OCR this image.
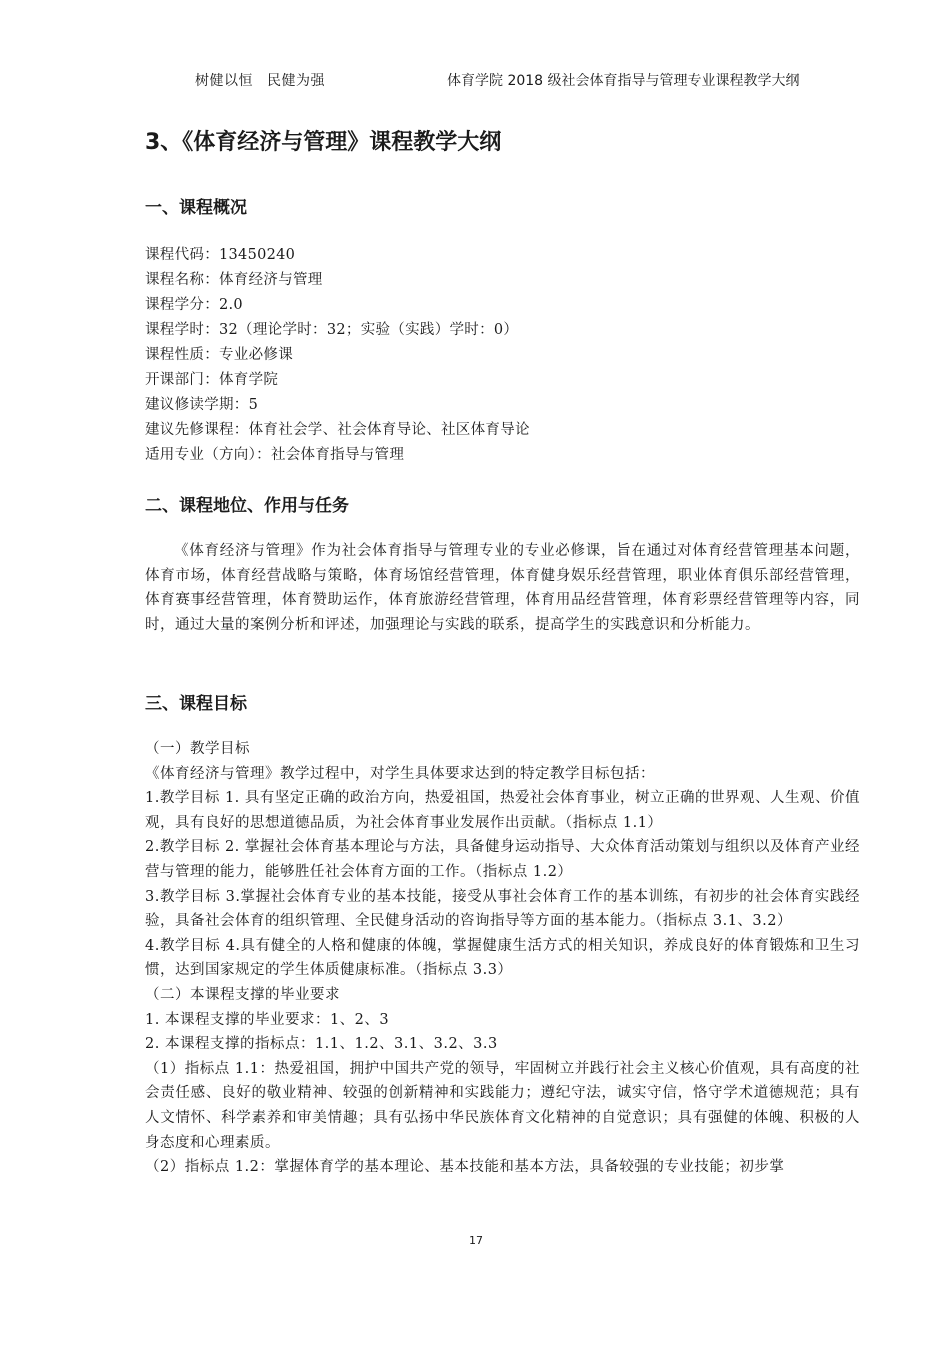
树健以恒 民健为强	体育学院 2018 级社会体育指导与管理专业课程教学大纲
3、《体育经济与管理》课程教学大纲
一、课程概况
课程代码：13450240
课程名称：体育经济与管理
课程学分：2.0
课程学时：32（理论学时：32；实验（实践）学时：0）
课程性质：专业必修课
开课部门：体育学院
建议修读学期：5
建议先修课程：体育社会学、社会体育导论、社区体育导论
适用专业（方向）：社会体育指导与管理
二、课程地位、作用与任务

《体育经济与管理》作为社会体育指导与管理专业的专业必修课，旨在通过对体育经营管理基本问题，体育市场，体育经营战略与策略，体育场馆经营管理，体育健身娱乐经营管理，职业体育俱乐部经营管理，体育赛事经营管理，体育赞助运作，体育旅游经营管理，体育用品经营管理，体育彩票经营管理等内容，同时，通过大量的案例分析和评述，加强理论与实践的联系，提高学生的实践意识和分析能力。

三、课程目标

（一）教学目标

《体育经济与管理》教学过程中，对学生具体要求达到的特定教学目标包括：

1.教学目标 1. 具有坚定正确的政治方向，热爱祖国，热爱社会体育事业，树立正确的世界观、人生观、价值观，具有良好的思想道德品质，为社会体育事业发展作出贡献。（指标点 1.1）

2.教学目标 2. 掌握社会体育基本理论与方法，具备健身运动指导、大众体育活动策划与组织以及体育产业经营与管理的能力，能够胜任社会体育方面的工作。（指标点 1.2）

3.教学目标 3.掌握社会体育专业的基本技能，接受从事社会体育工作的基本训练，有初步的社会体育实践经验，具备社会体育的组织管理、全民健身活动的咨询指导等方面的基本能力。（指标点 3.1、3.2）

4.教学目标 4.具有健全的人格和健康的体魄，掌握健康生活方式的相关知识，养成良好的体育锻炼和卫生习惯，达到国家规定的学生体质健康标准。（指标点 3.3）

（二）本课程支撑的毕业要求

1. 本课程支撑的毕业要求：1、2、3

2. 本课程支撑的指标点：1.1、1.2、3.1、3.2、3.3

（1）指标点 1.1：热爱祖国，拥护中国共产党的领导，牢固树立并践行社会主义核心价值观，具有高度的社会责任感、良好的敬业精神、较强的创新精神和实践能力；遵纪守法，诚实守信，恪守学术道德规范；具有人文情怀、科学素养和审美情趣；具有弘扬中华民族体育文化精神的自觉意识；具有强健的体魄、积极的人身态度和心理素质。

（2）指标点 1.2：掌握体育学的基本理论、基本技能和基本方法，具备较强的专业技能；初步掌

17
